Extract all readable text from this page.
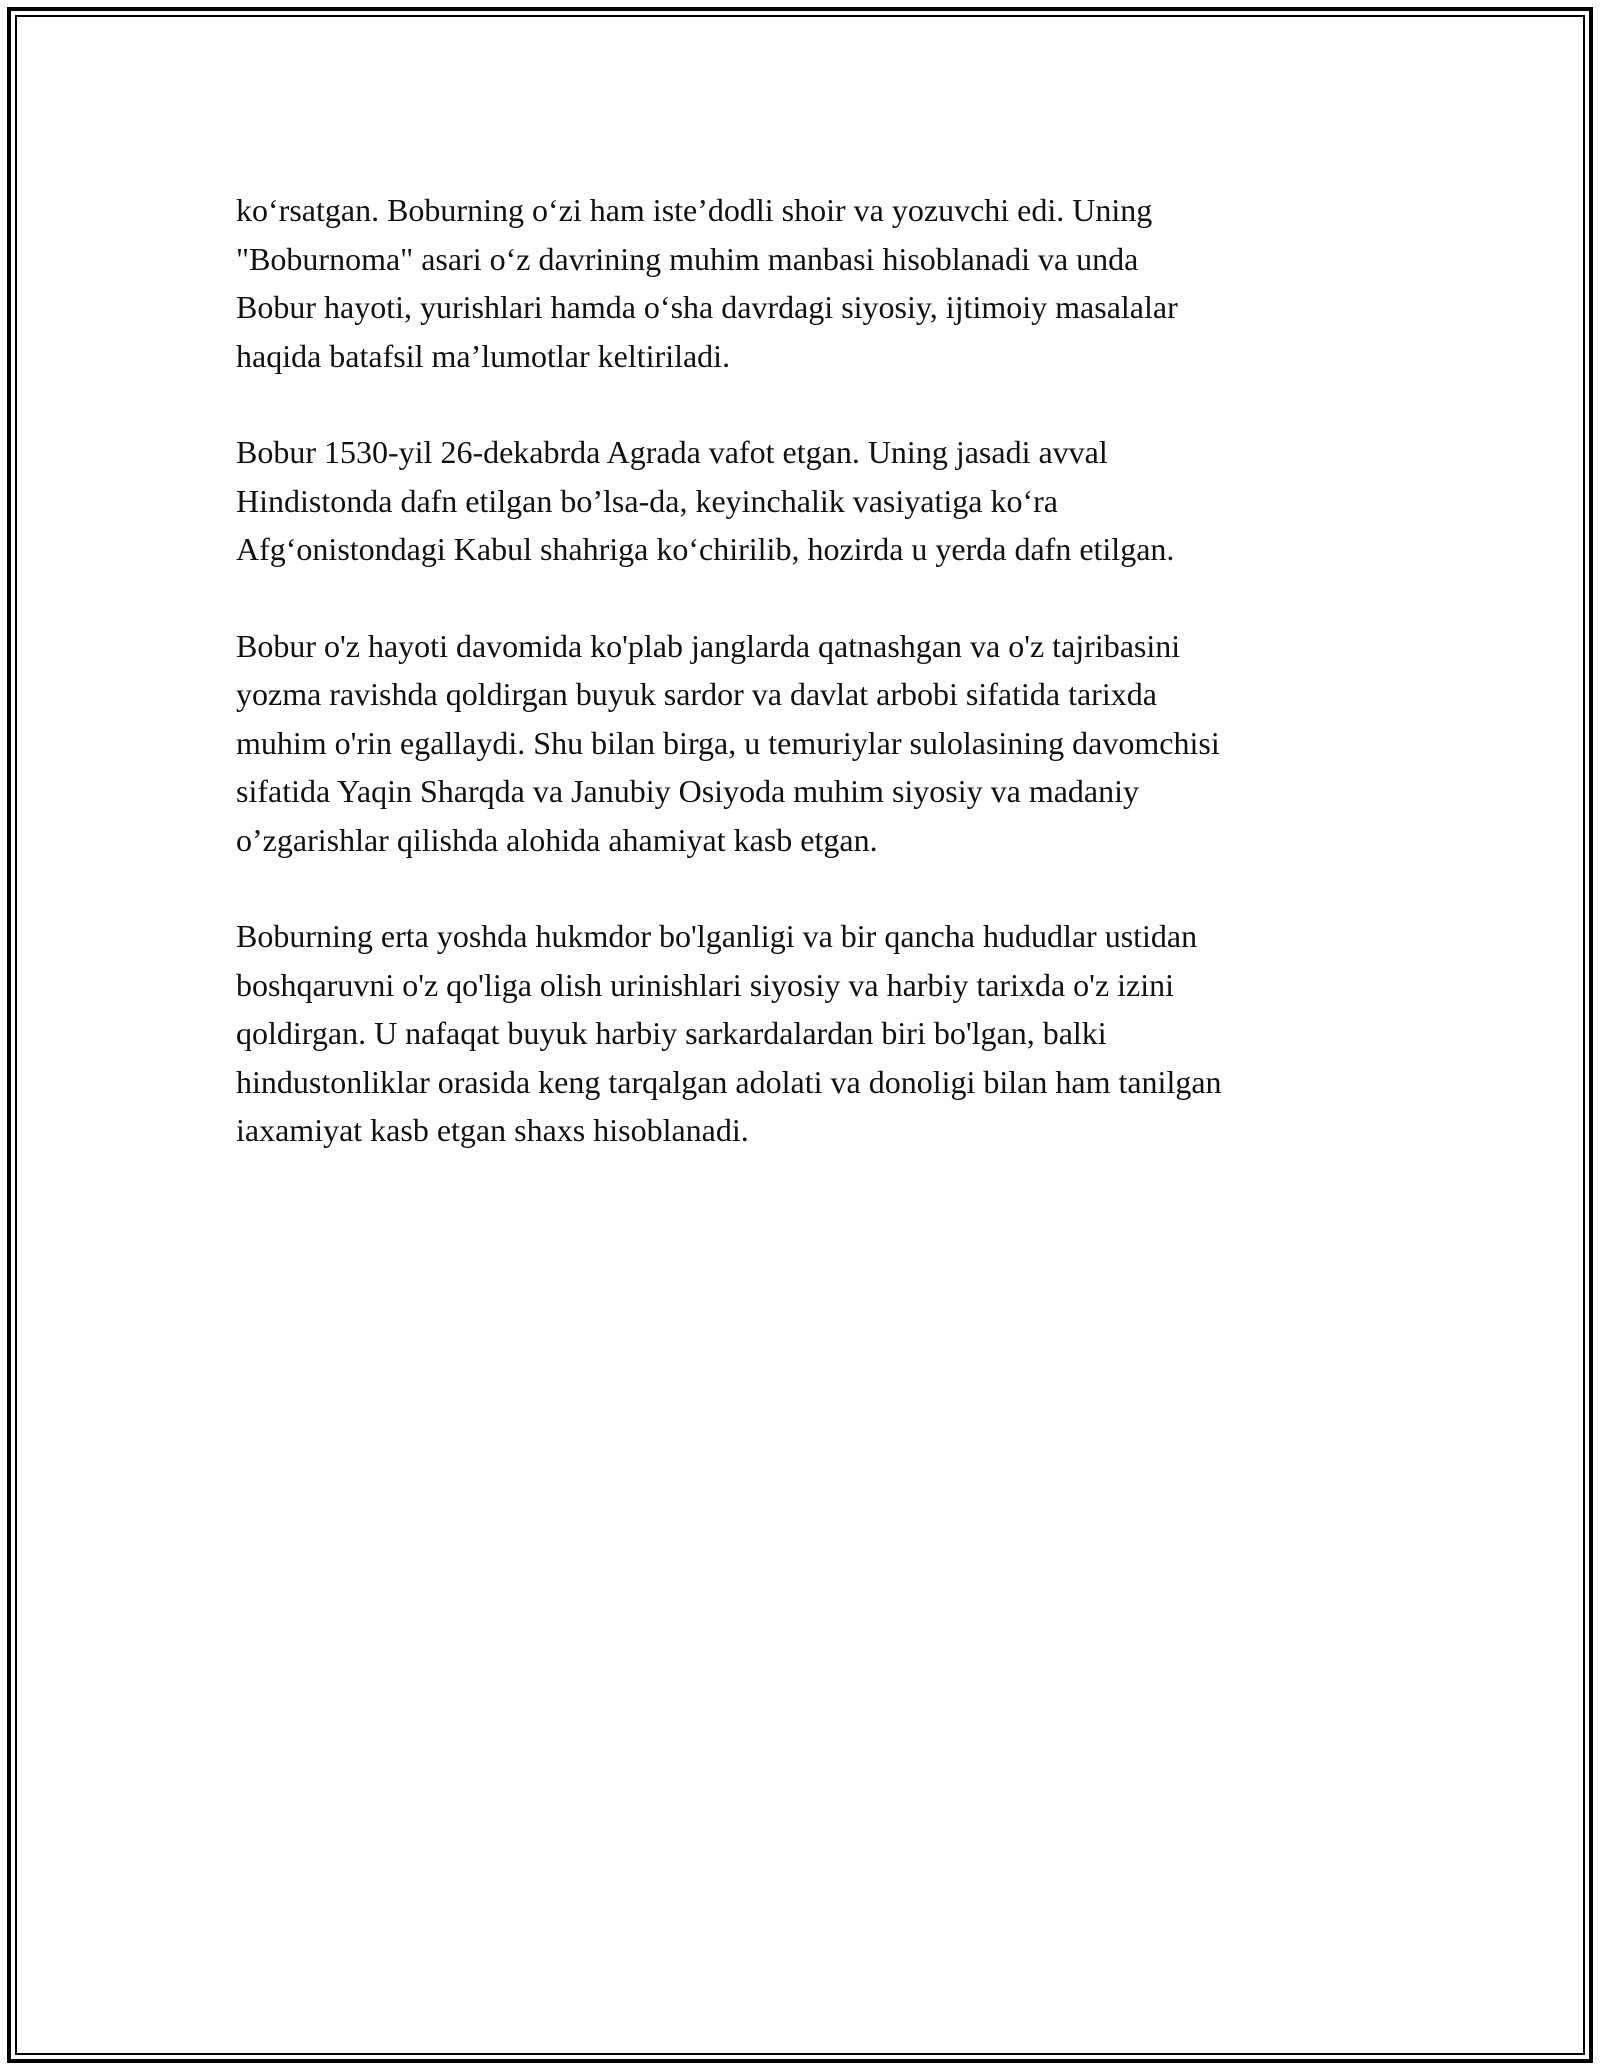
ko‘rsatgan. Boburning o‘zi ham iste’dodli shoir va yozuvchi edi. Uning
"Boburnoma" asari o‘z davrining muhim manbasi hisoblanadi va unda
Bobur hayoti, yurishlari hamda o‘sha davrdagi siyosiy, ijtimoiy masalalar
haqida batafsil ma’lumotlar keltiriladi.

Bobur 1530-yil 26-dekabrda Agrada vafot etgan. Uning jasadi avval
Hindistonda dafn etilgan bo’lsa-da, keyinchalik vasiyatiga ko‘ra
Afg‘onistondagi Kabul shahriga ko‘chirilib, hozirda u yerda dafn etilgan.

Bobur o'z hayoti davomida ko'plab janglarda qatnashgan va o'z tajribasini
yozma ravishda qoldirgan buyuk sardor va davlat arbobi sifatida tarixda
muhim o'rin egallaydi. Shu bilan birga, u temuriylar sulolasining davomchisi
sifatida Yaqin Sharqda va Janubiy Osiyoda muhim siyosiy va madaniy
o’zgarishlar qilishda alohida ahamiyat kasb etgan.

Boburning erta yoshda hukmdor bo'lganligi va bir qancha hududlar ustidan
boshqaruvni o'z qo'liga olish urinishlari siyosiy va harbiy tarixda o'z izini
qoldirgan. U nafaqat buyuk harbiy sarkardalardan biri bo'lgan, balki
hindustonliklar orasida keng tarqalgan adolati va donoligi bilan ham tanilgan
iaxamiyat kasb etgan shaxs hisoblanadi.
